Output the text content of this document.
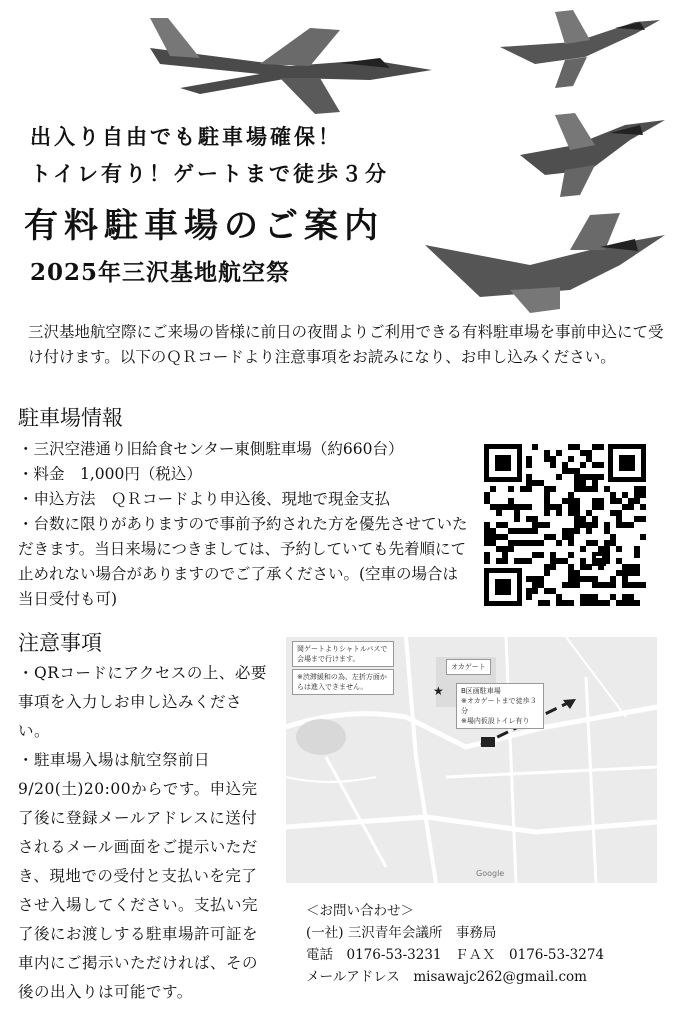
出入り自由でも駐車場確保！
トイレ有り！ゲートまで徒歩３分
有料駐車場のご案内
2025年三沢基地航空祭
三沢基地航空際にご来場の皆様に前日の夜間よりご利用できる有料駐車場を事前申込にて受け付けます。以下のＱＲコードより注意事項をお読みになり、お申し込みください。
駐車場情報
・三沢空港通り旧給食センター東側駐車場（約660台）
・料金　1,000円（税込）
・申込方法　ＱＲコードより申込後、現地で現金支払
・台数に限りがありますので事前予約された方を優先させていただきます。当日来場につきましては、予約していても先着順にて止めれない場合がありますのでご了承ください。(空車の場合は当日受付も可)
注意事項
・QRコードにアクセスの上、必要事項を入力しお申し込みください。
・駐車場入場は航空祭前日9/20(土)20:00からです。申込完了後に登録メールアドレスに送付されるメール画面をご提示いただき、現地での受付と支払いを完了させ入場してください。支払い完了後にお渡しする駐車場許可証を車内にご掲示いただければ、その後の出入りは可能です。
★
岡ゲートよりシャトルバスで会場まで行けます。
※渋滞緩和の為、左折方面からは進入できません。
オカゲート
B区画駐車場
※オカゲートまで徒歩３分
※場内仮設トイレ有り
Google
＜お問い合わせ＞
(一社) 三沢青年会議所　事務局
電話　0176-53-3231　ＦＡＸ　0176-53-3274
メールアドレス　misawajc262@gmail.com
